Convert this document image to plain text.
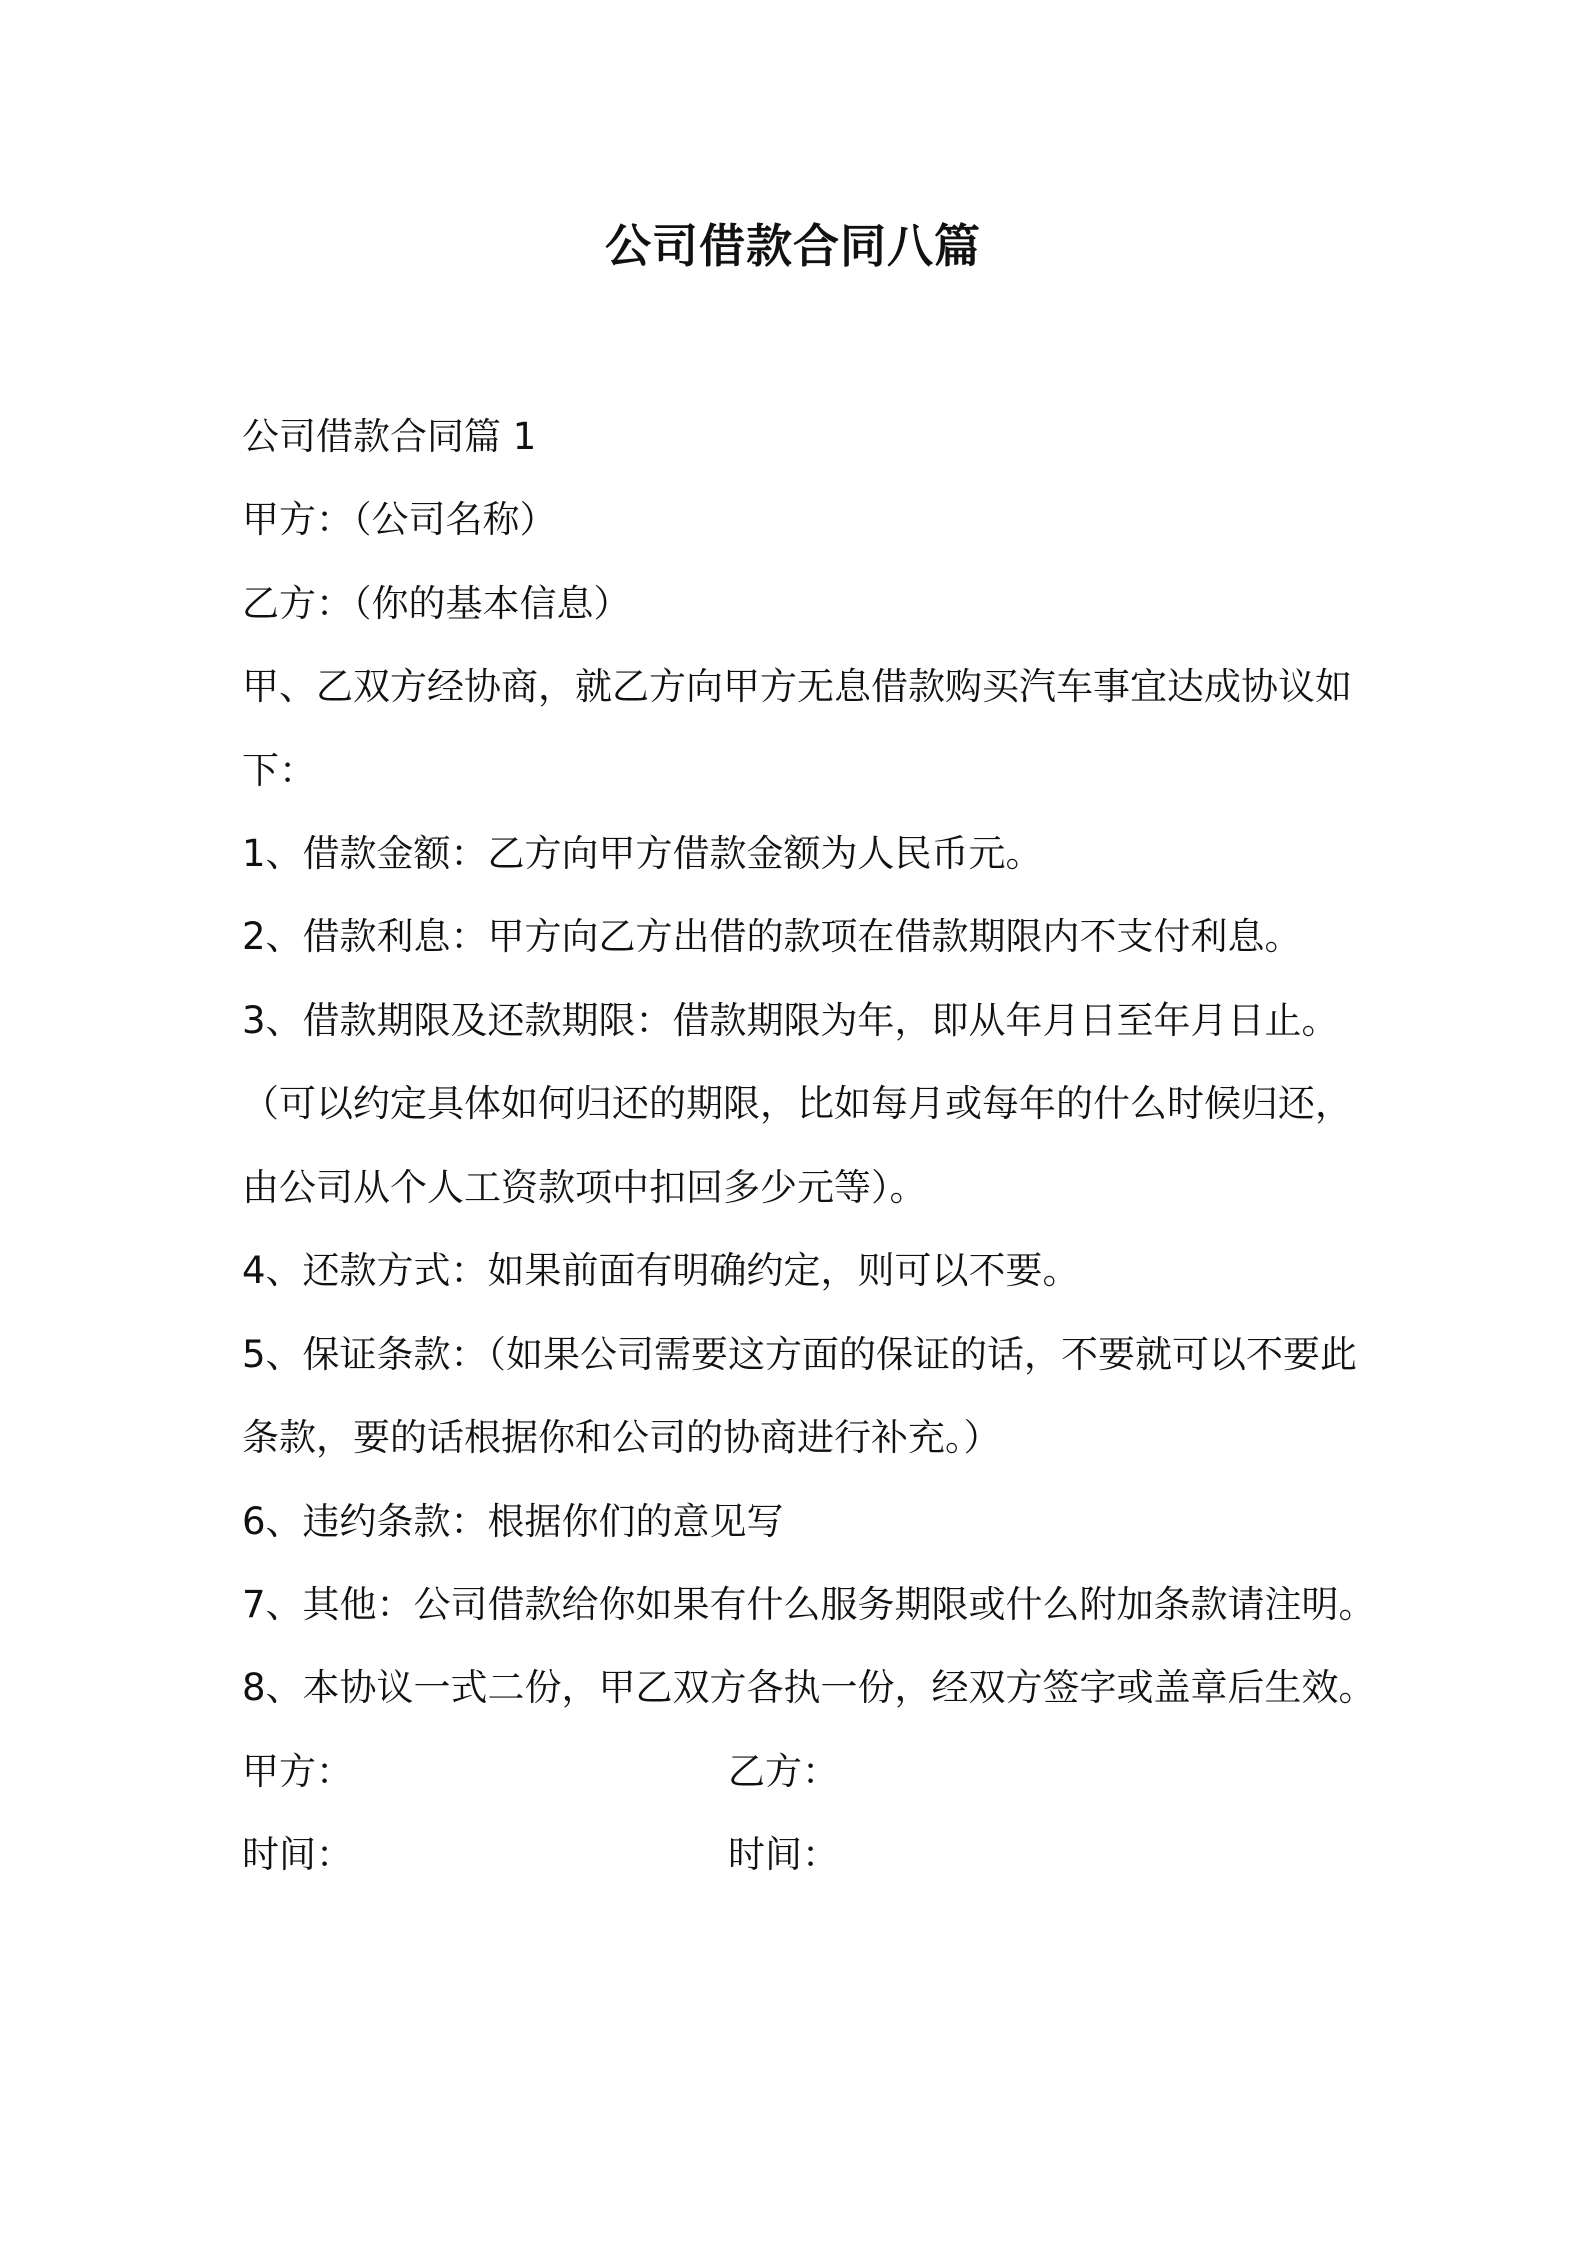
公司借款合同八篇
公司借款合同篇 1
甲方：（公司名称）
乙方：（你的基本信息）
甲、乙双方经协商，就乙方向甲方无息借款购买汽车事宜达成协议如
下：
1、借款金额：乙方向甲方借款金额为人民币元。
2、借款利息：甲方向乙方出借的款项在借款期限内不支付利息。
3、借款期限及还款期限：借款期限为年，即从年月日至年月日止。
（可以约定具体如何归还的期限，比如每月或每年的什么时候归还，
由公司从个人工资款项中扣回多少元等）。
4、还款方式：如果前面有明确约定，则可以不要。
5、保证条款：（如果公司需要这方面的保证的话，不要就可以不要此
条款，要的话根据你和公司的协商进行补充。）
6、违约条款：根据你们的意见写
7、其他：公司借款给你如果有什么服务期限或什么附加条款请注明。
8、本协议一式二份，甲乙双方各执一份，经双方签字或盖章后生效。
甲方：	乙方：
时间：	时间：
